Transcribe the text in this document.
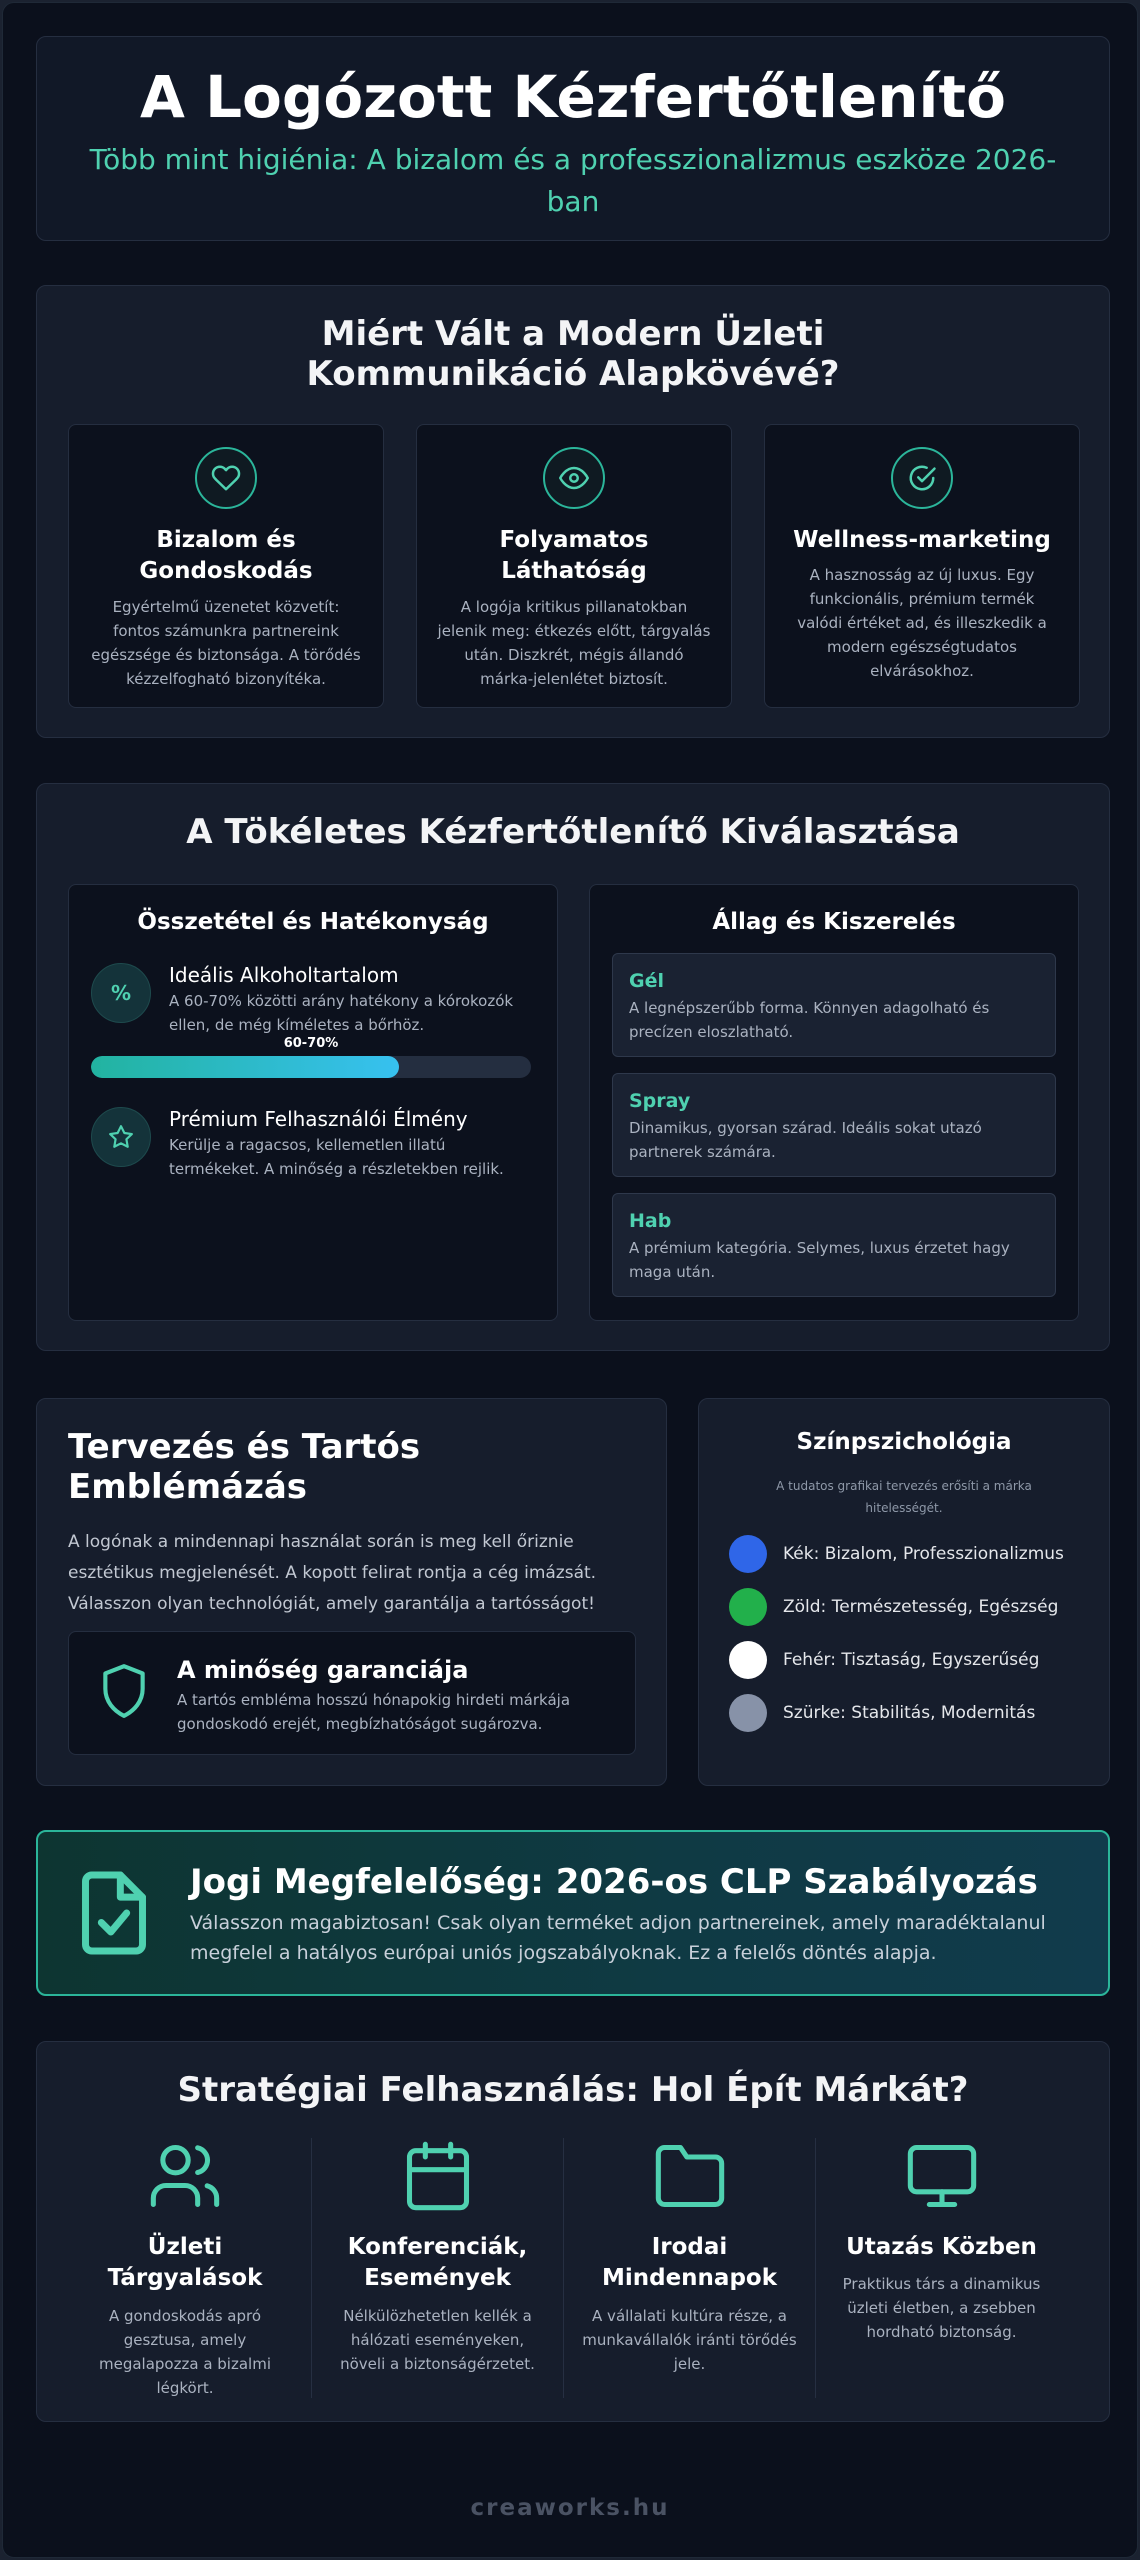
A Logózott Kézfertőtlenítő
Több mint higiénia: A bizalom és a professzionalizmus eszköze 2026-ban
Miért Vált a Modern Üzleti Kommunikáció Alapkövévé?
Bizalom és Gondoskodás
Egyértelmű üzenetet közvetít: fontos számunkra partnereink egészsége és biztonsága. A törődés kézzelfogható bizonyítéka.
Folyamatos Láthatóság
A logója kritikus pillanatokban jelenik meg: étkezés előtt, tárgyalás után. Diszkrét, mégis állandó márka-jelenlétet biztosít.
Wellness-marketing
A hasznosság az új luxus. Egy funkcionális, prémium termék valódi értéket ad, és illeszkedik a modern egészségtudatos elvárásokhoz.
A Tökéletes Kézfertőtlenítő Kiválasztása
Összetétel és Hatékonyság
%
Ideális Alkoholtartalom
A 60-70% közötti arány hatékony a kórokozók ellen, de még kíméletes a bőrhöz.
60-70%
Prémium Felhasználói Élmény
Kerülje a ragacsos, kellemetlen illatú termékeket. A minőség a részletekben rejlik.
Állag és Kiszerelés
Gél
A legnépszerűbb forma. Könnyen adagolható és precízen eloszlatható.
Spray
Dinamikus, gyorsan szárad. Ideális sokat utazó partnerek számára.
Hab
A prémium kategória. Selymes, luxus érzetet hagy maga után.
Tervezés és Tartós Emblémázás
A logónak a mindennapi használat során is meg kell őriznie esztétikus megjelenését. A kopott felirat rontja a cég imázsát. Válasszon olyan technológiát, amely garantálja a tartósságot!
A minőség garanciája
A tartós embléma hosszú hónapokig hirdeti márkája gondoskodó erejét, megbízhatóságot sugározva.
Színpszichológia
A tudatos grafikai tervezés erősíti a márka hitelességét.
Kék: Bizalom, Professzionalizmus
Zöld: Természetesség, Egészség
Fehér: Tisztaság, Egyszerűség
Szürke: Stabilitás, Modernitás
Jogi Megfelelőség: 2026-os CLP Szabályozás
Válasszon magabiztosan! Csak olyan terméket adjon partnereinek, amely maradéktalanul megfelel a hatályos európai uniós jogszabályoknak. Ez a felelős döntés alapja.
Stratégiai Felhasználás: Hol Épít Márkát?
Üzleti Tárgyalások
A gondoskodás apró gesztusa, amely megalapozza a bizalmi légkört.
Konferenciák, Események
Nélkülözhetetlen kellék a hálózati eseményeken, növeli a biztonságérzetet.
Irodai Mindennapok
A vállalati kultúra része, a munkavállalók iránti törődés jele.
Utazás Közben
Praktikus társ a dinamikus üzleti életben, a zsebben hordható biztonság.
creaworks.hu
